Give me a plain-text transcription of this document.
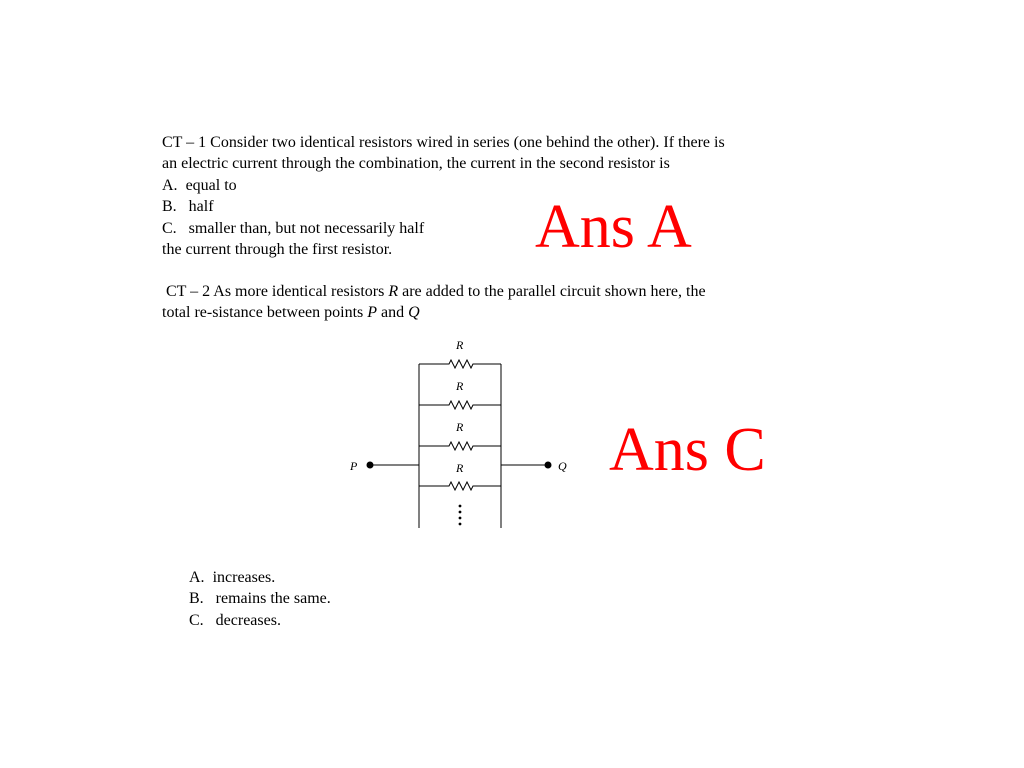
CT – 1 Consider two identical resistors wired in series (one behind the other). If there is

an electric current through the combination, the current in the second resistor is

A. equal to

B. half

C. smaller than, but not necessarily half

the current through the first resistor.	Ans A

CT – 2 As more identical resistors R are added to the parallel circuit shown here, the

total re-sistance between points P and Q

R
R
R
R
P	Q Ans C

A. increases.

B. remains the same.

C. decreases.
